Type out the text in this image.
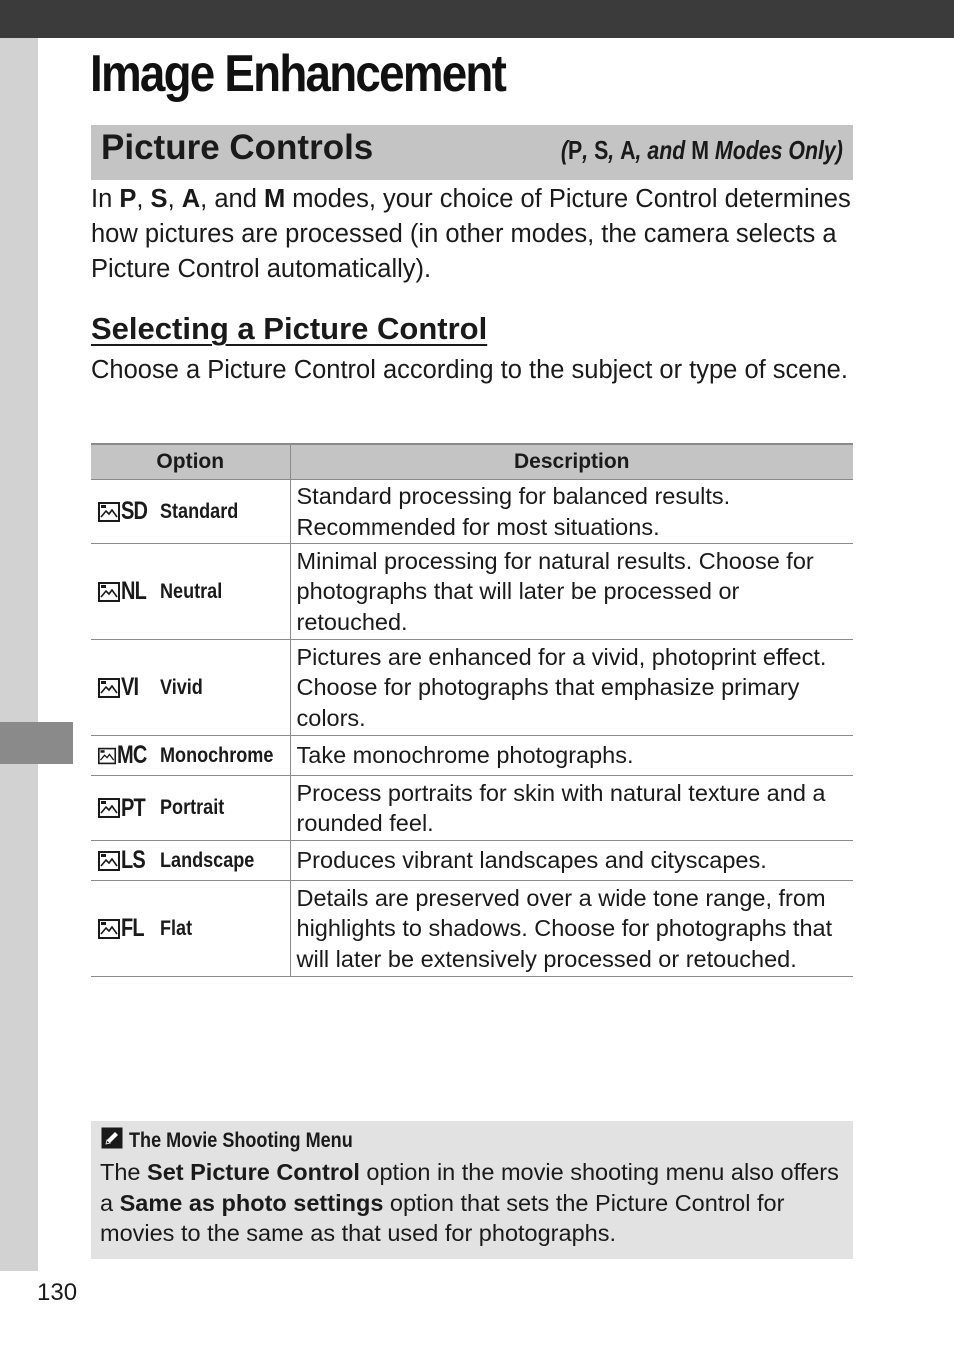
Image Enhancement
Picture Controls	(P, S, A, and M Modes Only)

In P, S, A, and M modes, your choice of Picture Control determines how pictures are processed (in other modes, the camera selects a Picture Control automatically).

Selecting a Picture Control

Choose a Picture Control according to the subject or type of scene.

Option	Description

SD Standard	Standard processing for balanced results. Recommended for most situations.

NL Neutral	Minimal processing for natural results. Choose for photographs that will later be processed or retouched.

VI Vivid	Pictures are enhanced for a vivid, photoprint effect. Choose for photographs that emphasize primary colors.

MC Monochrome	Take monochrome photographs.

PT Portrait	Process portraits for skin with natural texture and a rounded feel.

LS Landscape	Produces vibrant landscapes and cityscapes.

FL Flat	Details are preserved over a wide tone range, from highlights to shadows. Choose for photographs that will later be extensively processed or retouched.
The Movie Shooting Menu

The Set Picture Control option in the movie shooting menu also offers a Same as photo settings option that sets the Picture Control for movies to the same as that used for photographs.

130
